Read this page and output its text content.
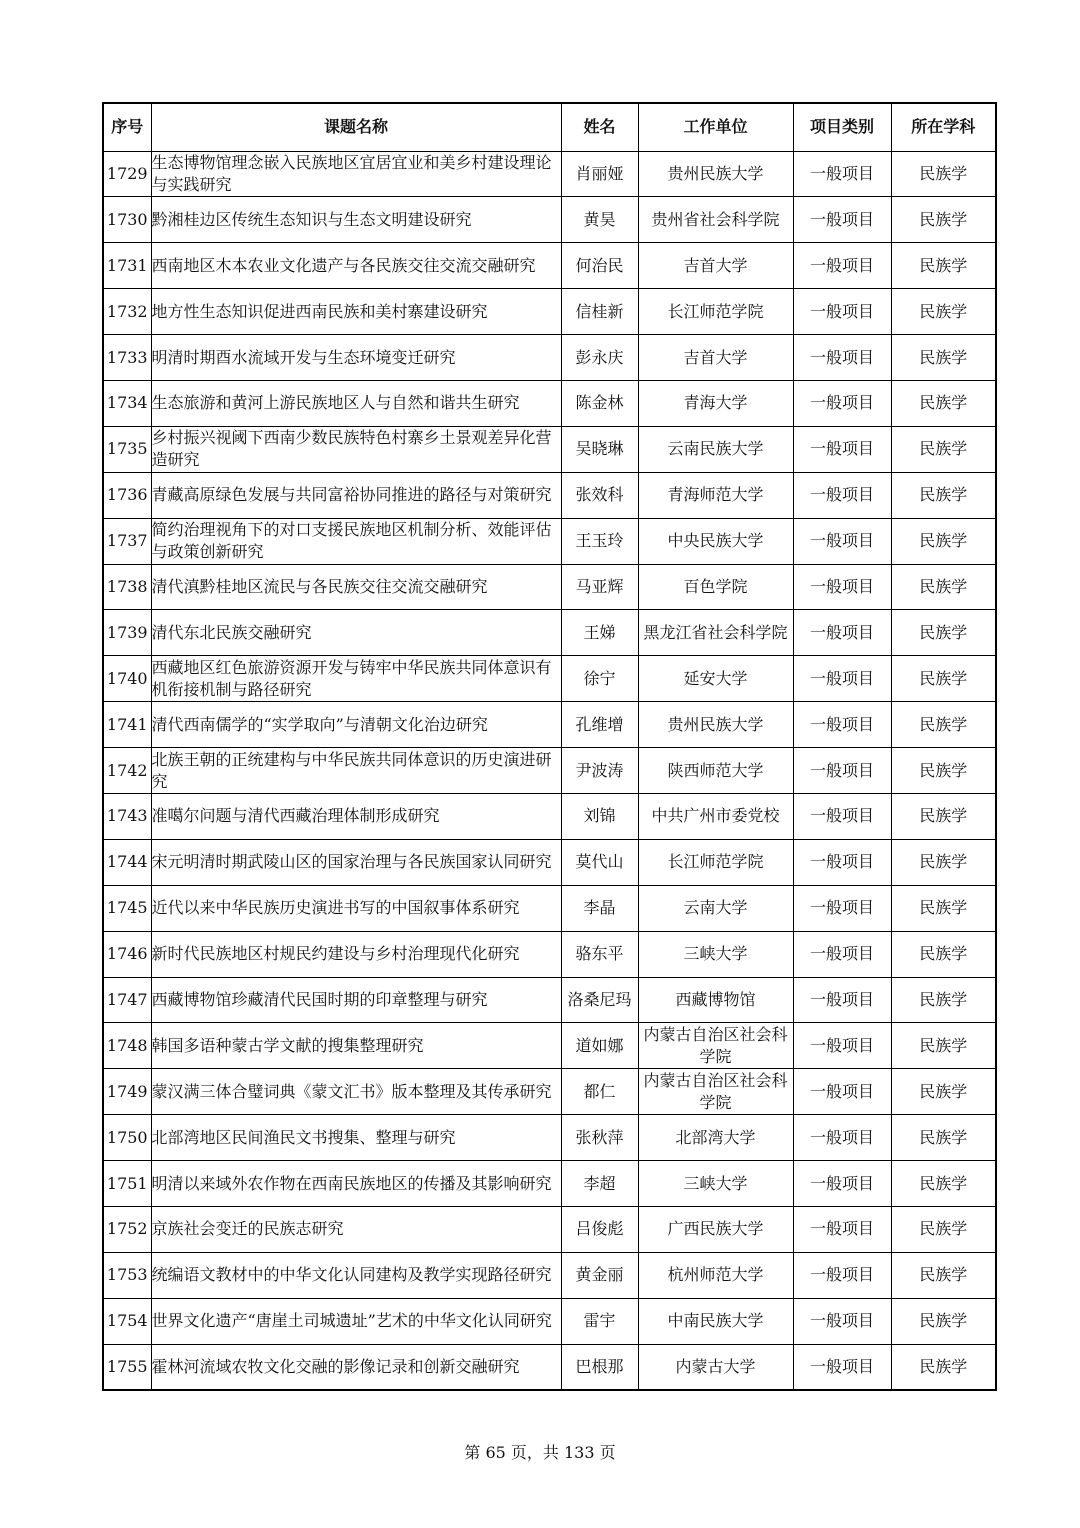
序号	课题名称	姓名	工作单位	项目类别	所在学科
1729	生态博物馆理念嵌入民族地区宜居宜业和美乡村建设理论与实践研究	肖丽娅	贵州民族大学	一般项目	民族学
1730	黔湘桂边区传统生态知识与生态文明建设研究	黄昊	贵州省社会科学院	一般项目	民族学
1731	西南地区木本农业文化遗产与各民族交往交流交融研究	何治民	吉首大学	一般项目	民族学
1732	地方性生态知识促进西南民族和美村寨建设研究	信桂新	长江师范学院	一般项目	民族学
1733	明清时期酉水流域开发与生态环境变迁研究	彭永庆	吉首大学	一般项目	民族学
1734	生态旅游和黄河上游民族地区人与自然和谐共生研究	陈金林	青海大学	一般项目	民族学
1735	乡村振兴视阈下西南少数民族特色村寨乡土景观差异化营造研究	吴晓琳	云南民族大学	一般项目	民族学
1736	青藏高原绿色发展与共同富裕协同推进的路径与对策研究	张效科	青海师范大学	一般项目	民族学
1737	简约治理视角下的对口支援民族地区机制分析、效能评估与政策创新研究	王玉玲	中央民族大学	一般项目	民族学
1738	清代滇黔桂地区流民与各民族交往交流交融研究	马亚辉	百色学院	一般项目	民族学
1739	清代东北民族交融研究	王娣	黑龙江省社会科学院	一般项目	民族学
1740	西藏地区红色旅游资源开发与铸牢中华民族共同体意识有机衔接机制与路径研究	徐宁	延安大学	一般项目	民族学
1741	清代西南儒学的“实学取向”与清朝文化治边研究	孔维增	贵州民族大学	一般项目	民族学
1742	北族王朝的正统建构与中华民族共同体意识的历史演进研究	尹波涛	陕西师范大学	一般项目	民族学
1743	准噶尔问题与清代西藏治理体制形成研究	刘锦	中共广州市委党校	一般项目	民族学
1744	宋元明清时期武陵山区的国家治理与各民族国家认同研究	莫代山	长江师范学院	一般项目	民族学
1745	近代以来中华民族历史演进书写的中国叙事体系研究	李晶	云南大学	一般项目	民族学
1746	新时代民族地区村规民约建设与乡村治理现代化研究	骆东平	三峡大学	一般项目	民族学
1747	西藏博物馆珍藏清代民国时期的印章整理与研究	洛桑尼玛	西藏博物馆	一般项目	民族学
1748	韩国多语种蒙古学文献的搜集整理研究	道如娜	内蒙古自治区社会科学院	一般项目	民族学
1749	蒙汉满三体合璧词典《蒙文汇书》版本整理及其传承研究	都仁	内蒙古自治区社会科学院	一般项目	民族学
1750	北部湾地区民间渔民文书搜集、整理与研究	张秋萍	北部湾大学	一般项目	民族学
1751	明清以来域外农作物在西南民族地区的传播及其影响研究	李超	三峡大学	一般项目	民族学
1752	京族社会变迁的民族志研究	吕俊彪	广西民族大学	一般项目	民族学
1753	统编语文教材中的中华文化认同建构及教学实现路径研究	黄金丽	杭州师范大学	一般项目	民族学
1754	世界文化遗产“唐崖土司城遗址”艺术的中华文化认同研究	雷宇	中南民族大学	一般项目	民族学
1755	霍林河流域农牧文化交融的影像记录和创新交融研究	巴根那	内蒙古大学	一般项目	民族学
第 65 页，共 133 页
